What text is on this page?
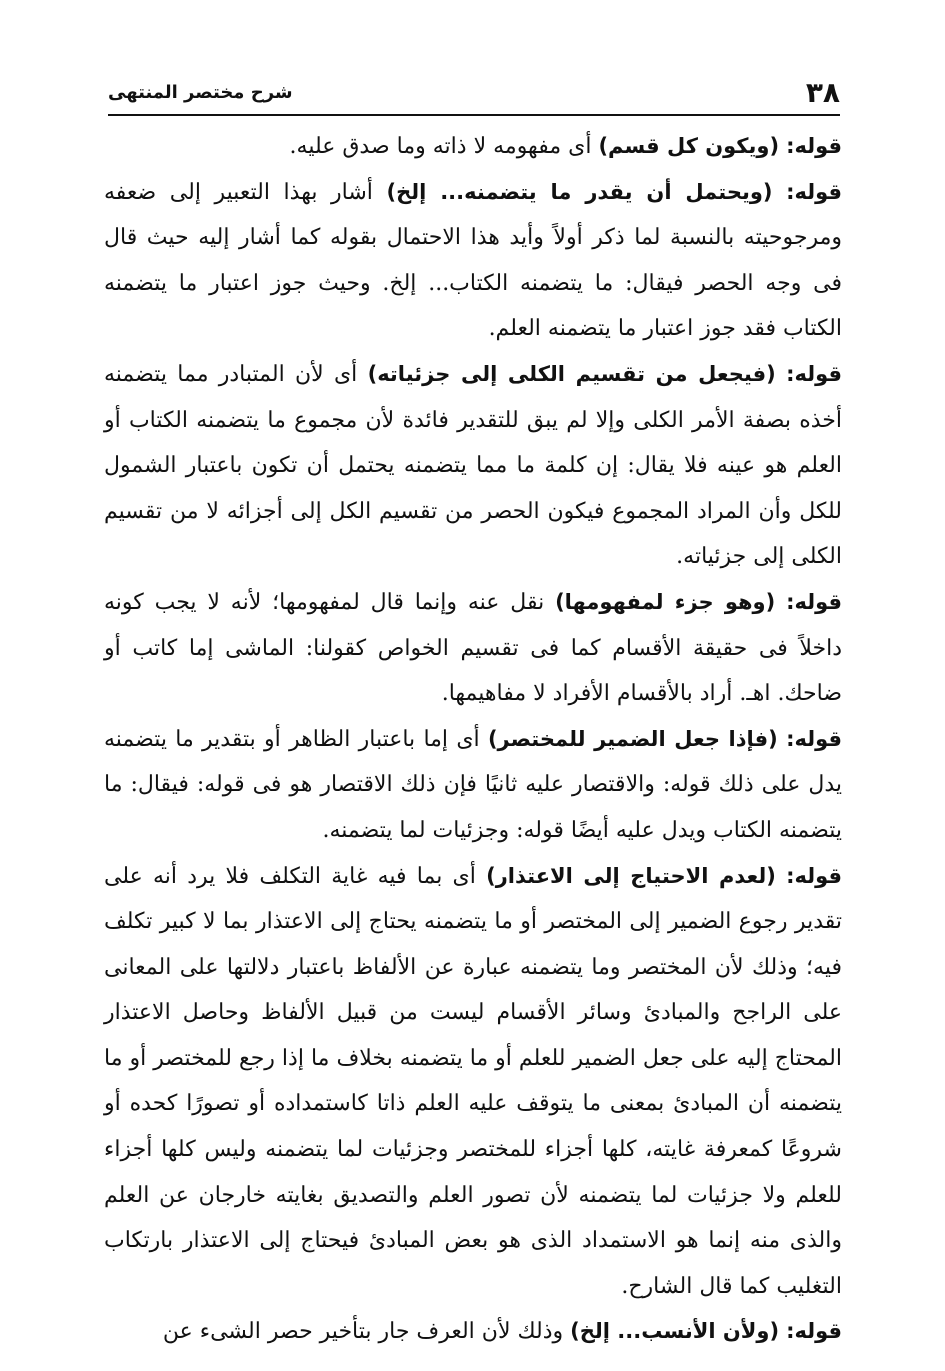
٣٨
شرح مختصر المنتهى

قوله: (ويكون كل قسم) أى مفهومه لا ذاته وما صدق عليه.

قوله: (ويحتمل أن يقدر ما يتضمنه... إلخ) أشار بهذا التعبير إلى ضعفه ومرجوحيته بالنسبة لما ذكر أولاً وأيد هذا الاحتمال بقوله كما أشار إليه حيث قال فى وجه الحصر فيقال: ما يتضمنه الكتاب... إلخ. وحيث جوز اعتبار ما يتضمنه الكتاب فقد جوز اعتبار ما يتضمنه العلم.

قوله: (فيجعل من تقسيم الكلى إلى جزئياته) أى لأن المتبادر مما يتضمنه أخذه بصفة الأمر الكلى وإلا لم يبق للتقدير فائدة لأن مجموع ما يتضمنه الكتاب أو العلم هو عينه فلا يقال: إن كلمة ما مما يتضمنه يحتمل أن تكون باعتبار الشمول للكل وأن المراد المجموع فيكون الحصر من تقسيم الكل إلى أجزائه لا من تقسيم الكلى إلى جزئياته.

قوله: (وهو جزء لمفهومها) نقل عنه وإنما قال لمفهومها؛ لأنه لا يجب كونه داخلاً فى حقيقة الأقسام كما فى تقسيم الخواص كقولنا: الماشى إما كاتب أو ضاحك. اهـ. أراد بالأقسام الأفراد لا مفاهيمها.

قوله: (فإذا جعل الضمير للمختصر) أى إما باعتبار الظاهر أو بتقدير ما يتضمنه يدل على ذلك قوله: والاقتصار عليه ثانيًا فإن ذلك الاقتصار هو فى قوله: فيقال: ما يتضمنه الكتاب ويدل عليه أيضًا قوله: وجزئيات لما يتضمنه.

قوله: (لعدم الاحتياج إلى الاعتذار) أى بما فيه غاية التكلف فلا يرد أنه على تقدير رجوع الضمير إلى المختصر أو ما يتضمنه يحتاج إلى الاعتذار بما لا كبير تكلف فيه؛ وذلك لأن المختصر وما يتضمنه عبارة عن الألفاظ باعتبار دلالتها على المعانى على الراجح والمبادئ وسائر الأقسام ليست من قبيل الألفاظ وحاصل الاعتذار المحتاج إليه على جعل الضمير للعلم أو ما يتضمنه بخلاف ما إذا رجع للمختصر أو ما يتضمنه أن المبادئ بمعنى ما يتوقف عليه العلم ذاتا كاستمداده أو تصورًا كحده أو شروعًا كمعرفة غايته، كلها أجزاء للمختصر وجزئيات لما يتضمنه وليس كلها أجزاء للعلم ولا جزئيات لما يتضمنه لأن تصور العلم والتصديق بغايته خارجان عن العلم والذى منه إنما هو الاستمداد الذى هو بعض المبادئ فيحتاج إلى الاعتذار بارتكاب التغليب كما قال الشارح.

قوله: (ولأن الأنسب... إلخ) وذلك لأن العرف جار بتأخير حصر الشىء عن
